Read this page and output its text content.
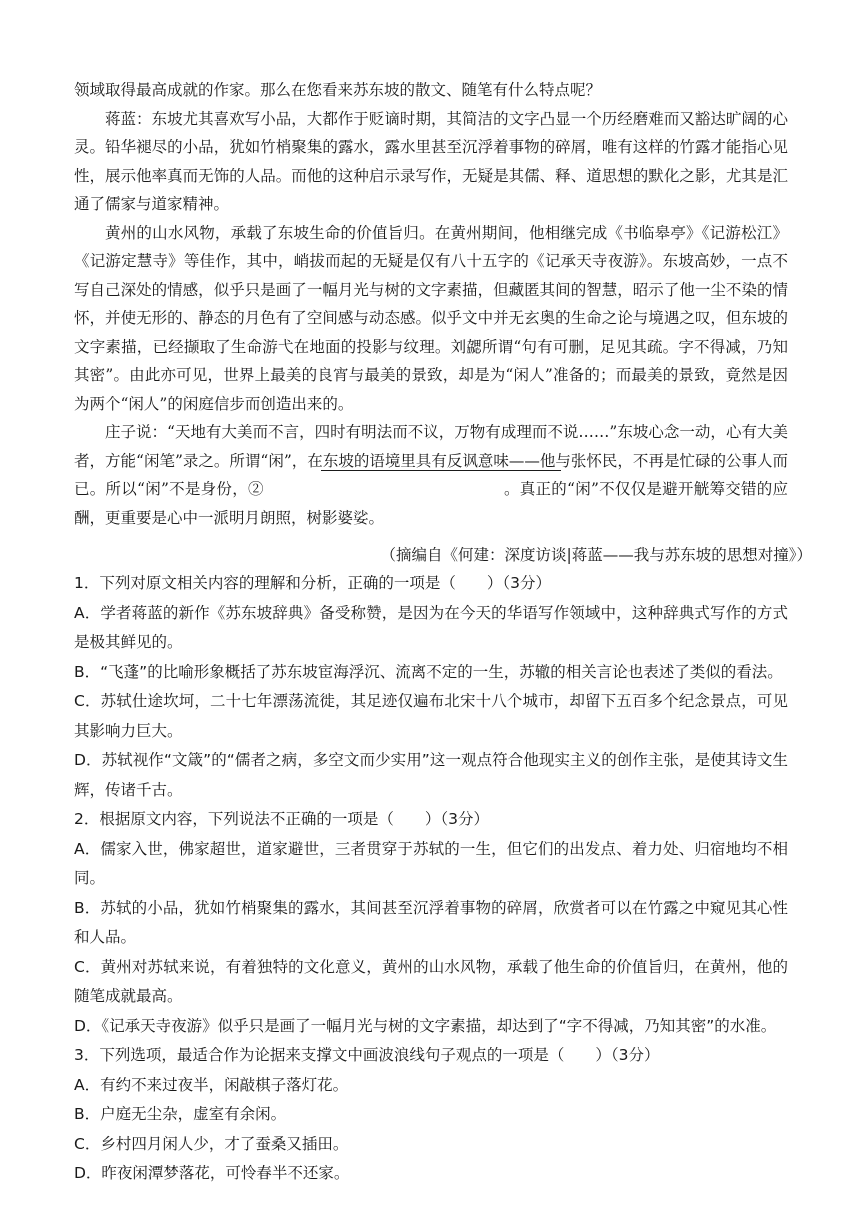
领域取得最高成就的作家。那么在您看来苏东坡的散文、随笔有什么特点呢？

蒋蓝：东坡尤其喜欢写小品，大都作于贬谪时期，其简洁的文字凸显一个历经磨难而又豁达旷阔的心灵。铅华褪尽的小品，犹如竹梢聚集的露水，露水里甚至沉浮着事物的碎屑，唯有这样的竹露才能指心见性，展示他率真而无饰的人品。而他的这种启示录写作，无疑是其儒、释、道思想的默化之影，尤其是汇通了儒家与道家精神。

黄州的山水风物，承载了东坡生命的价值旨归。在黄州期间，他相继完成《书临皋亭》《记游松江》《记游定慧寺》等佳作，其中，峭拔而起的无疑是仅有八十五字的《记承天寺夜游》。东坡高妙，一点不写自己深处的情感，似乎只是画了一幅月光与树的文字素描，但藏匿其间的智慧，昭示了他一尘不染的情怀，并使无形的、静态的月色有了空间感与动态感。似乎文中并无玄奥的生命之论与境遇之叹，但东坡的文字素描，已经撷取了生命游弋在地面的投影与纹理。刘勰所谓“句有可删，足见其疏。字不得减，乃知其密”。由此亦可见，世界上最美的良宵与最美的景致，却是为“闲人”准备的；而最美的景致，竟然是因为两个“闲人”的闲庭信步而创造出来的。

庄子说：“天地有大美而不言，四时有明法而不议，万物有成理而不说……”东坡心念一动，心有大美者，方能“闲笔”录之。所谓“闲”，在东坡的语境里具有反讽意味——他与张怀民，不再是忙碌的公事人而已。所以“闲”不是身份，②	。真正的“闲”不仅仅是避开觥筹交错的应酬，更重要是心中一派明月朗照，树影婆娑。

（摘编自《何建：深度访谈|蒋蓝——我与苏东坡的思想对撞》）

1．下列对原文相关内容的理解和分析，正确的一项是（　　）（3分）

A．学者蒋蓝的新作《苏东坡辞典》备受称赞，是因为在今天的华语写作领域中，这种辞典式写作的方式是极其鲜见的。

B．“飞蓬”的比喻形象概括了苏东坡宦海浮沉、流离不定的一生，苏辙的相关言论也表述了类似的看法。

C．苏轼仕途坎坷，二十七年漂荡流徙，其足迹仅遍布北宋十八个城市，却留下五百多个纪念景点，可见其影响力巨大。

D．苏轼视作“文箴”的“儒者之病，多空文而少实用”这一观点符合他现实主义的创作主张，是使其诗文生辉，传诸千古。

2．根据原文内容，下列说法不正确的一项是（　　）（3分）

A．儒家入世，佛家超世，道家避世，三者贯穿于苏轼的一生，但它们的出发点、着力处、归宿地均不相同。

B．苏轼的小品，犹如竹梢聚集的露水，其间甚至沉浮着事物的碎屑，欣赏者可以在竹露之中窥见其心性和人品。

C．黄州对苏轼来说，有着独特的文化意义，黄州的山水风物，承载了他生命的价值旨归，在黄州，他的随笔成就最高。

D．《记承天寺夜游》似乎只是画了一幅月光与树的文字素描，却达到了“字不得减，乃知其密”的水准。

3．下列选项，最适合作为论据来支撑文中画波浪线句子观点的一项是（　　）（3分）

A．有约不来过夜半，闲敲棋子落灯花。

B．户庭无尘杂，虚室有余闲。

C．乡村四月闲人少，才了蚕桑又插田。

D．昨夜闲潭梦落花，可怜春半不还家。
